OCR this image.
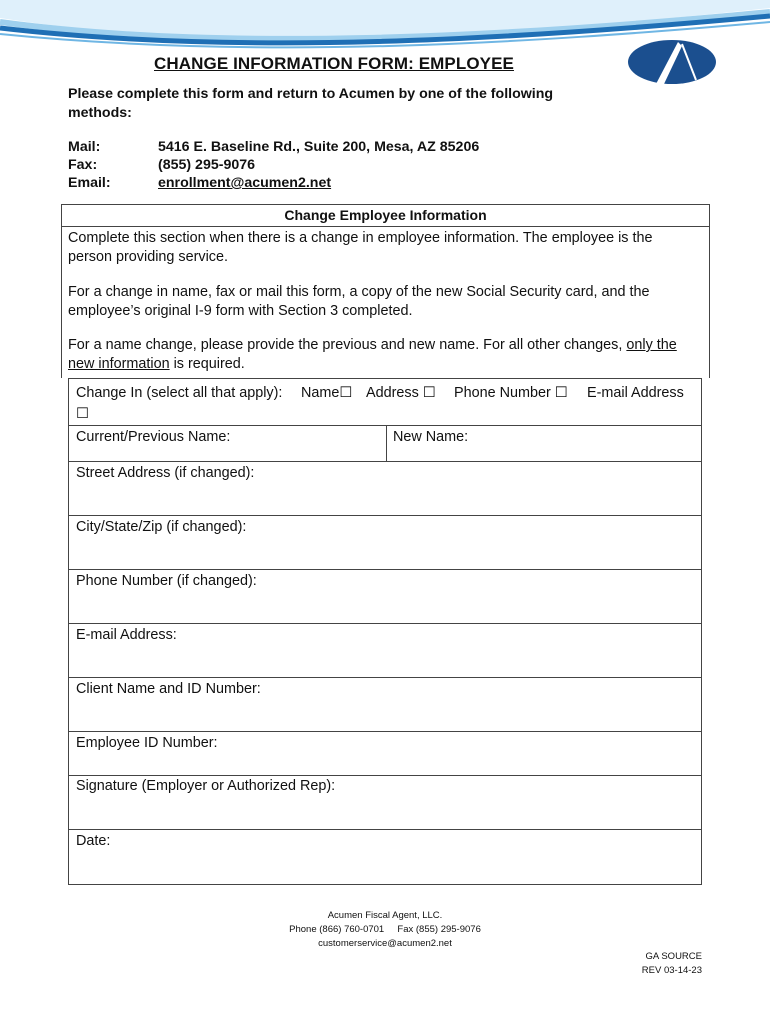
CHANGE INFORMATION FORM: EMPLOYEE
Please complete this form and return to Acumen by one of the following methods:
Mail:	5416 E. Baseline Rd., Suite 200, Mesa, AZ 85206
Fax:	(855) 295-9076
Email:	enrollment@acumen2.net
Change Employee Information
Complete this section when there is a change in employee information. The employee is the person providing service.
For a change in name, fax or mail this form, a copy of the new Social Security card, and the employee’s original I-9 form with Section 3 completed.
For a name change, please provide the previous and new name. For all other changes, only the new information is required.
Change In (select all that apply): Name☐ Address ☐ Phone Number ☐ E-mail Address
☐
Current/Previous Name:	New Name:
Street Address (if changed):
City/State/Zip (if changed):
Phone Number (if changed):
E-mail Address:
Client Name and ID Number:
Employee ID Number:
Signature (Employer or Authorized Rep):
Date:
Acumen Fiscal Agent, LLC.
Phone (866) 760-0701     Fax (855) 295-9076
customerservice@acumen2.net
GA SOURCE
REV 03-14-23
